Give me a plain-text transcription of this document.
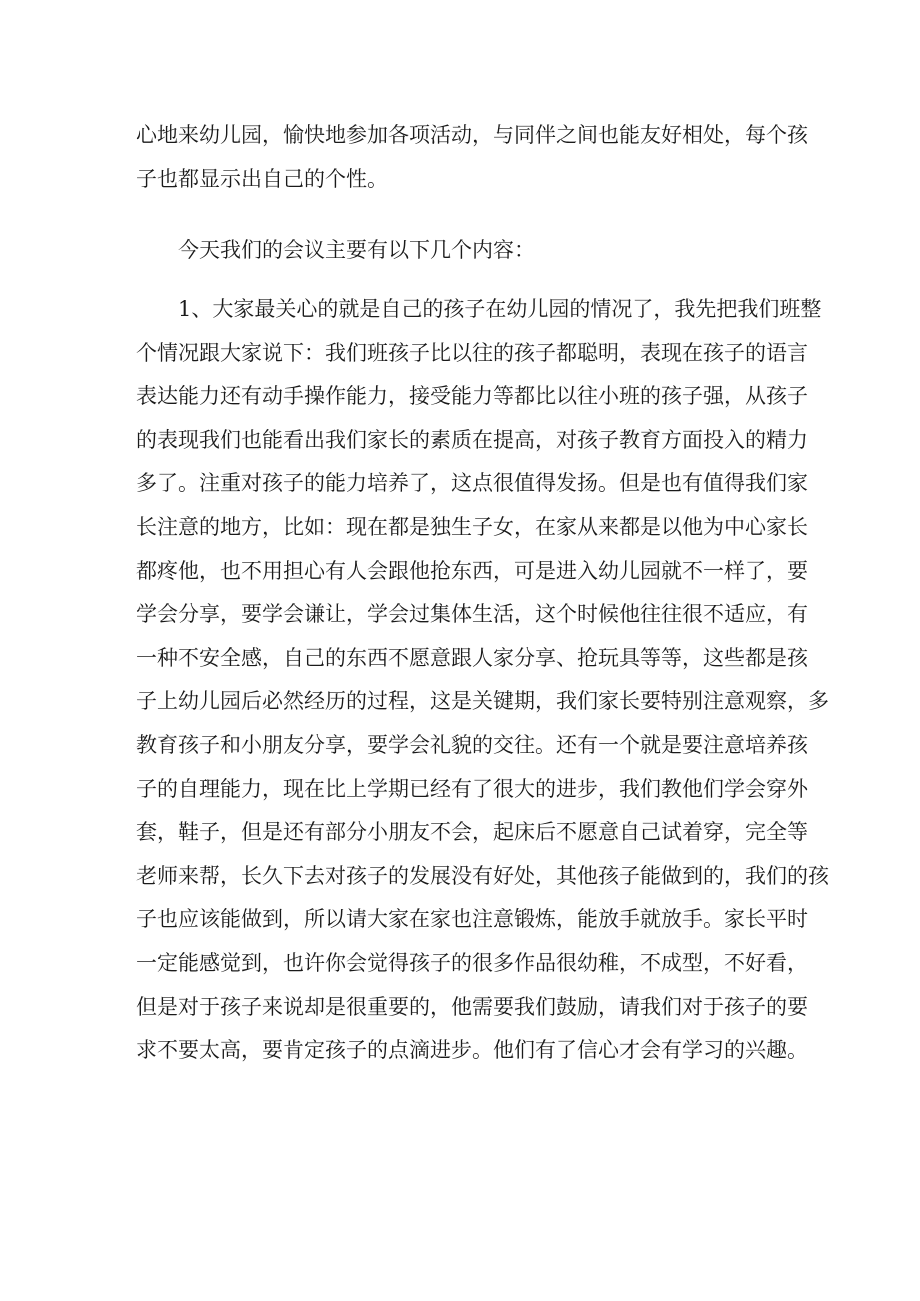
心地来幼儿园，愉快地参加各项活动，与同伴之间也能友好相处，每个孩
子也都显示出自己的个性。
今天我们的会议主要有以下几个内容：
1、大家最关心的就是自己的孩子在幼儿园的情况了，我先把我们班整
个情况跟大家说下：我们班孩子比以往的孩子都聪明，表现在孩子的语言
表达能力还有动手操作能力，接受能力等都比以往小班的孩子强，从孩子
的表现我们也能看出我们家长的素质在提高，对孩子教育方面投入的精力
多了。注重对孩子的能力培养了，这点很值得发扬。但是也有值得我们家
长注意的地方，比如：现在都是独生子女，在家从来都是以他为中心家长
都疼他，也不用担心有人会跟他抢东西，可是进入幼儿园就不一样了，要
学会分享，要学会谦让，学会过集体生活，这个时候他往往很不适应，有
一种不安全感，自己的东西不愿意跟人家分享、抢玩具等等，这些都是孩
子上幼儿园后必然经历的过程，这是关键期，我们家长要特别注意观察，多
教育孩子和小朋友分享，要学会礼貌的交往。还有一个就是要注意培养孩
子的自理能力，现在比上学期已经有了很大的进步，我们教他们学会穿外
套，鞋子，但是还有部分小朋友不会，起床后不愿意自己试着穿，完全等
老师来帮，长久下去对孩子的发展没有好处，其他孩子能做到的，我们的孩
子也应该能做到，所以请大家在家也注意锻炼，能放手就放手。家长平时
一定能感觉到，也许你会觉得孩子的很多作品很幼稚，不成型，不好看，
但是对于孩子来说却是很重要的，他需要我们鼓励，请我们对于孩子的要
求不要太高，要肯定孩子的点滴进步。他们有了信心才会有学习的兴趣。
